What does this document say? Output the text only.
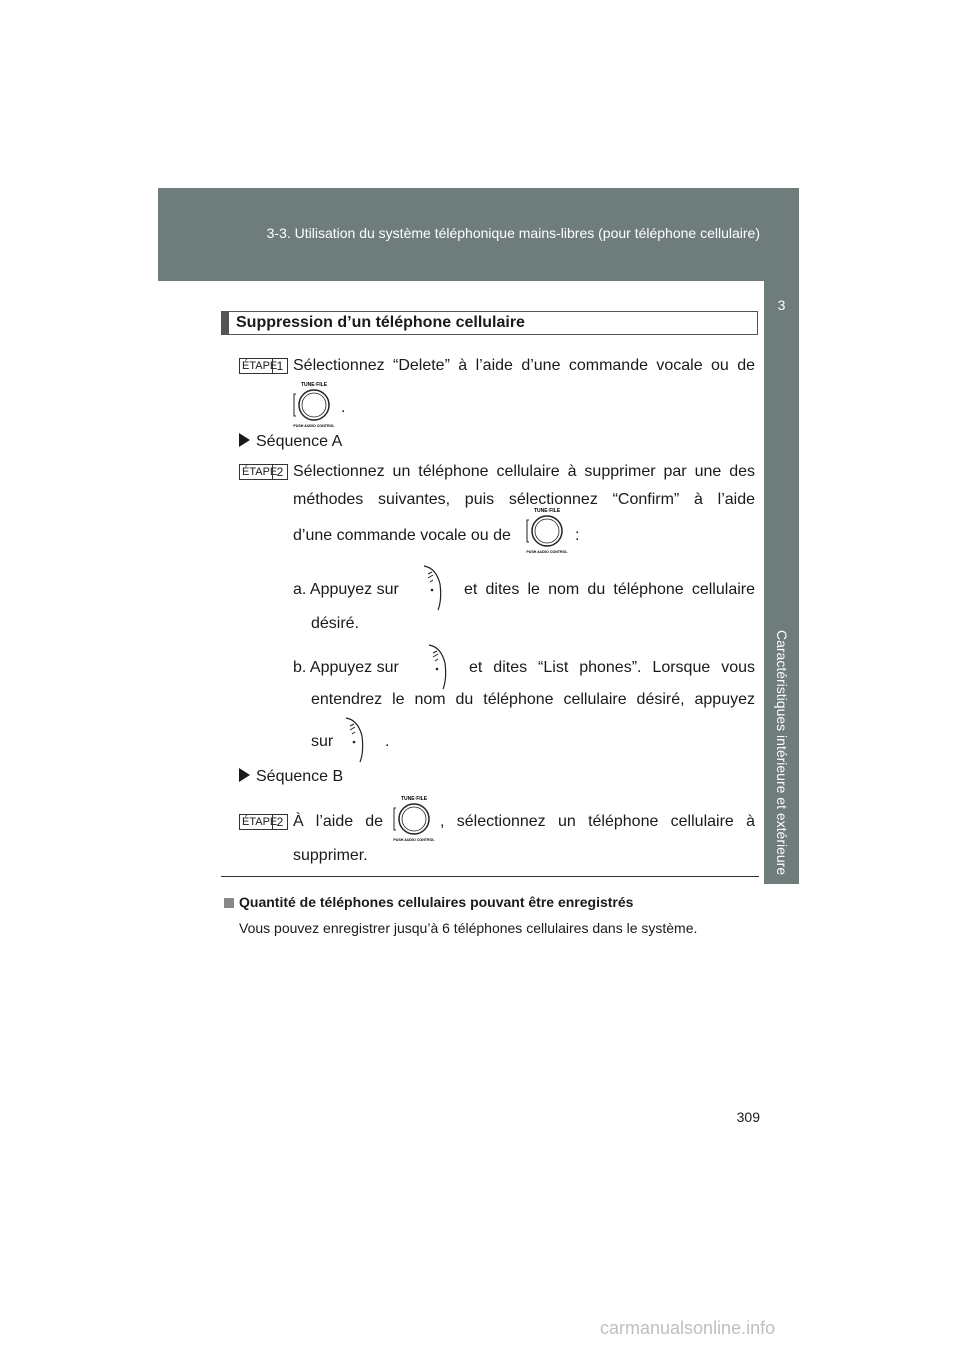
3-3. Utilisation du système téléphonique mains-libres (pour téléphone cellulaire)
3
Caractéristiques intérieure et extérieure
Suppression d’un téléphone cellulaire
ÉTAPE 1 Sélectionnez “Delete” à l’aide d’une commande vocale ou de
TUNE·FILE
PUSH AUDIO CONTROL
.
Séquence A
ÉTAPE 2 Sélectionnez un téléphone cellulaire à supprimer par une des
méthodes suivantes, puis sélectionnez “Confirm” à l’aide
d’une commande vocale ou de
TUNE·FILE
PUSH AUDIO CONTROL
:
a. Appuyez sur	et dites le nom du téléphone cellulaire
désiré.
b. Appuyez sur	et dites “List phones”. Lorsque vous
entendrez le nom du téléphone cellulaire désiré, appuyez
sur	.
Séquence B
ÉTAPE 2 À l’aide de
TUNE·FILE
PUSH AUDIO CONTROL
, sélectionnez un téléphone cellulaire à
supprimer.
Quantité de téléphones cellulaires pouvant être enregistrés
Vous pouvez enregistrer jusqu’à 6 téléphones cellulaires dans le système.
309
carmanualsonline.info
